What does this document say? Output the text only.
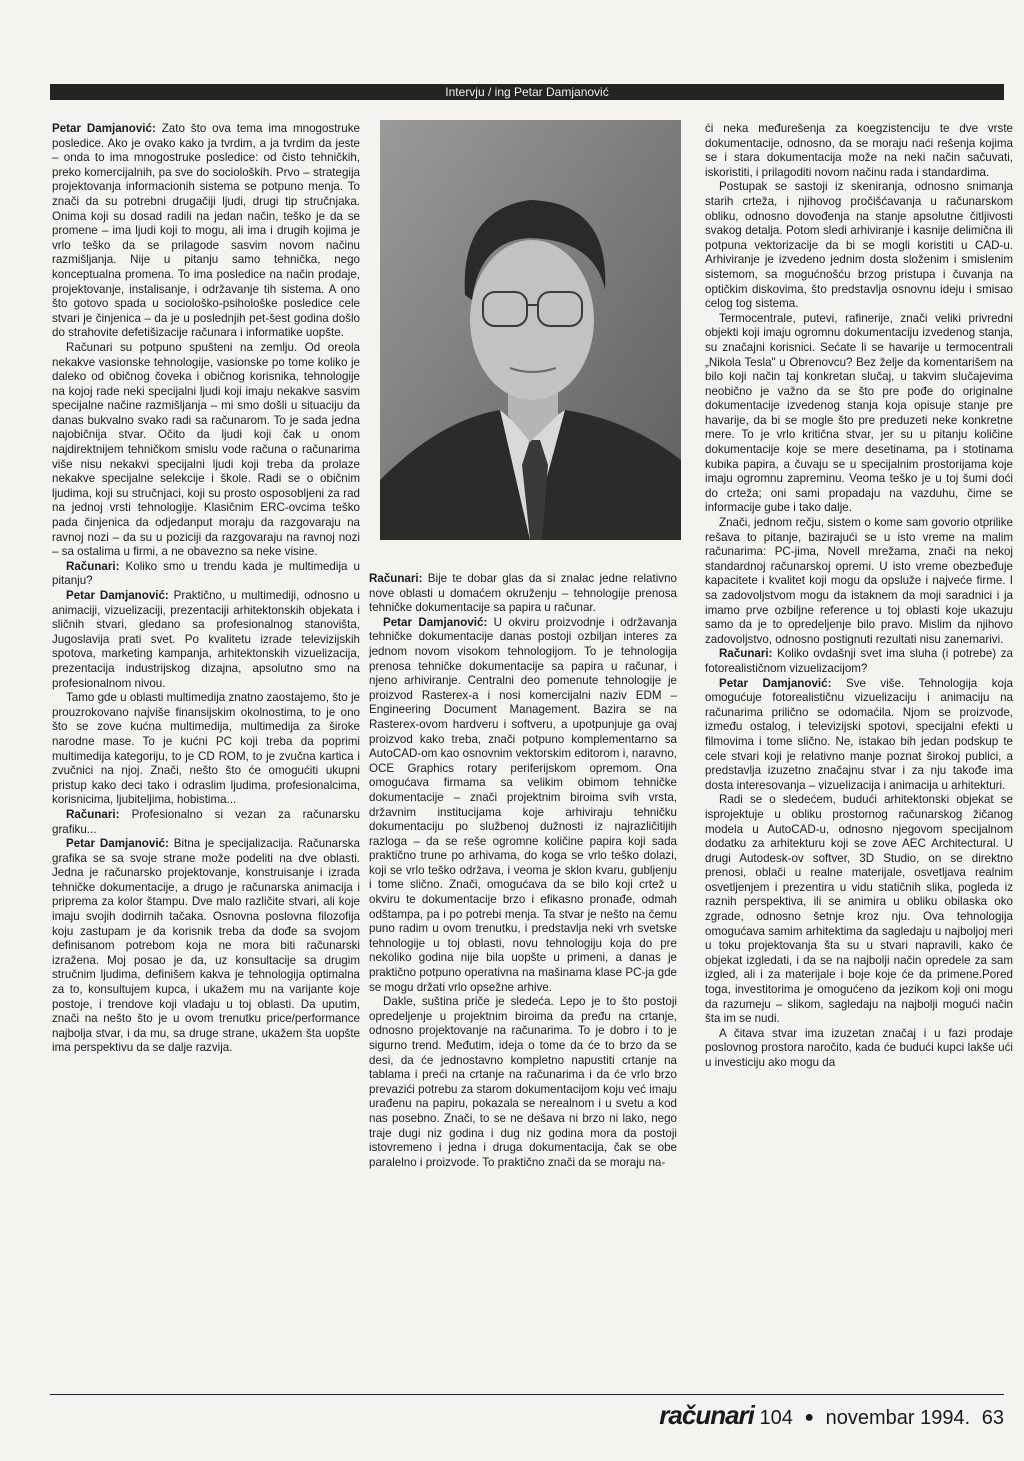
Intervju / ing Petar Damjanović

Petar Damjanović: Zato što ova tema ima mnogostruke posledice. Ako je ovako kako ja tvrdim, a ja tvrdim da jeste – onda to ima mnogostruke posledice: od čisto tehničkih, preko komercijalnih, pa sve do socioloških. Prvo – strategija projektovanja informacionih sistema se potpuno menja. To znači da su potrebni drugačiji ljudi, drugi tip stručnjaka. Onima koji su dosad radili na jedan način, teško je da se promene – ima ljudi koji to mogu, ali ima i drugih kojima je vrlo teško da se prilagode sasvim novom načinu razmišljanja. Nije u pitanju samo tehnička, nego konceptualna promena. To ima posledice na način prodaje, projektovanje, instalisanje, i održavanje tih sistema. A ono što gotovo spada u sociološko-psihološke posledice cele stvari je činjenica – da je u poslednjih pet-šest godina došlo do strahovite defetišizacije računara i informatike uopšte.

Računari su potpuno spušteni na zemlju. Od oreola nekakve vasionske tehnologije, vasionske po tome koliko je daleko od običnog čoveka i običnog korisnika, tehnologije na kojoj rade neki specijalni ljudi koji imaju nekakve sasvim specijalne načine razmišljanja – mi smo došli u situaciju da danas bukvalno svako radi sa računarom. To je sada jedna najobičnija stvar. Očito da ljudi koji čak u onom najdirektnijem tehničkom smislu vode računa o računarima više nisu nekakvi specijalni ljudi koji treba da prolaze nekakve specijalne selekcije i škole. Radi se o običnim ljudima, koji su stručnjaci, koji su prosto osposobljeni za rad na jednoj vrsti tehnologije. Klasičnim ERC-ovcima teško pada činjenica da odjedanput moraju da razgovaraju na ravnoj nozi – da su u poziciji da razgovaraju na ravnoj nozi – sa ostalima u firmi, a ne obavezno sa neke visine.

Računari: Koliko smo u trendu kada je multimedija u pitanju?

Petar Damjanović: Praktično, u multimediji, odnosno u animaciji, vizuelizaciji, prezentaciji arhitektonskih objekata i sličnih stvari, gledano sa profesionalnog stanovišta, Jugoslavija prati svet. Po kvalitetu izrade televizijskih spotova, marketing kampanja, arhitektonskih vizuelizacija, prezentacija industrijskog dizajna, apsolutno smo na profesionalnom nivou.

Tamo gde u oblasti multimedija znatno zaostajemo, što je prouzrokovano najviše finansijskim okolnostima, to je ono što se zove kućna multimedija, multimedija za široke narodne mase. To je kućni PC koji treba da poprimi multimedija kategoriju, to je CD ROM, to je zvučna kartica i zvučnici na njoj. Znači, nešto što će omogućiti ukupni pristup kako deci tako i odraslim ljudima, profesionalcima, korisnicima, ljubiteljima, hobistima...

Računari: Profesionalno si vezan za računarsku grafiku...

Petar Damjanović: Bitna je specijalizacija. Računarska grafika se sa svoje strane može podeliti na dve oblasti. Jedna je računarsko projektovanje, konstruisanje i izrada tehničke dokumentacije, a drugo je računarska animacija i priprema za kolor štampu. Dve malo različite stvari, ali koje imaju svojih dodirnih tačaka. Osnovna poslovna filozofija koju zastupam je da korisnik treba da dođe sa svojom definisanom potrebom koja ne mora biti računarski izražena. Moj posao je da, uz konsultacije sa drugim stručnim ljudima, definišem kakva je tehnologija optimalna za to, konsultujem kupca, i ukažem mu na varijante koje postoje, i trendove koji vladaju u toj oblasti. Da uputim, znači na nešto što je u ovom trenutku price/performance najbolja stvar, i da mu, sa druge strane, ukažem šta uopšte ima perspektivu da se dalje razvija.

Računari: Bije te dobar glas da si znalac jedne relativno nove oblasti u domaćem okruženju – tehnologije prenosa tehničke dokumentacije sa papira u računar.

Petar Damjanović: U okviru proizvodnje i održavanja tehničke dokumentacije danas postoji ozbiljan interes za jednom novom visokom tehnologijom. To je tehnologija prenosa tehničke dokumentacije sa papira u računar, i njeno arhiviranje. Centralni deo pomenute tehnologije je proizvod Rasterex-a i nosi komercijalni naziv EDM – Engineering Document Management. Bazira se na Rasterex-ovom hardveru i softveru, a upotpunjuje ga ovaj proizvod kako treba, znači potpuno komplementarno sa AutoCAD-om kao osnovnim vektorskim editorom i, naravno, OCE Graphics rotary periferijskom opremom. Ona omogućava firmama sa velikim obimom tehničke dokumentacije – znači projektnim biroima svih vrsta, državnim institucijama koje arhiviraju tehničku dokumentaciju po službenoj dužnosti iz najrazličitijih razloga – da se reše ogromne količine papira koji sada praktično trune po arhivama, do koga se vrlo teško dolazi, koji se vrlo teško održava, i veoma je sklon kvaru, gubljenju i tome slično. Znači, omogućava da se bilo koji crtež u okviru te dokumentacije brzo i efikasno pronađe, odmah odštampa, pa i po potrebi menja. Ta stvar je nešto na čemu puno radim u ovom trenutku, i predstavlja neki vrh svetske tehnologije u toj oblasti, novu tehnologiju koja do pre nekoliko godina nije bila uopšte u primeni, a danas je praktično potpuno operativna na mašinama klase PC-ja gde se mogu držati vrlo opsežne arhive.

Dakle, suština priče je sledeća. Lepo je to što postoji opredeljenje u projektnim biroima da pređu na crtanje, odnosno projektovanje na računarima. To je dobro i to je sigurno trend. Međutim, ideja o tome da će to brzo da se desi, da će jednostavno kompletno napustiti crtanje na tablama i preći na crtanje na računarima i da će vrlo brzo prevazići potrebu za starom dokumentacijom koju već imaju urađenu na papiru, pokazala se nerealnom i u svetu a kod nas posebno. Znači, to se ne dešava ni brzo ni lako, nego traje dugi niz godina i dug niz godina mora da postoji istovremeno i jedna i druga dokumentacija, čak se obe paralelno i proizvode. To praktično znači da se moraju na-

ći neka međurešenja za koegzistenciju te dve vrste dokumentacije, odnosno, da se moraju naći rešenja kojima se i stara dokumentacija može na neki način sačuvati, iskoristiti, i prilagoditi novom načinu rada i standardima.

Postupak se sastoji iz skeniranja, odnosno snimanja starih crteža, i njihovog pročišćavanja u računarskom obliku, odnosno dovođenja na stanje apsolutne čitljivosti svakog detalja. Potom sledi arhiviranje i kasnije delimična ili potpuna vektorizacije da bi se mogli koristiti u CAD-u. Arhiviranje je izvedeno jednim dosta složenim i smislenim sistemom, sa mogućnošću brzog pristupa i čuvanja na optičkim diskovima, što predstavlja osnovnu ideju i smisao celog tog sistema.

Termocentrale, putevi, rafinerije, znači veliki privredni objekti koji imaju ogromnu dokumentaciju izvedenog stanja, su značajni korisnici. Sećate li se havarije u termocentrali „Nikola Tesla" u Obrenovcu? Bez želje da komentarišem na bilo koji način taj konkretan slučaj, u takvim slučajevima neobično je važno da se što pre pođe do originalne dokumentacije izvedenog stanja koja opisuje stanje pre havarije, da bi se mogle što pre preduzeti neke konkretne mere. To je vrlo kritična stvar, jer su u pitanju količine dokumentacije koje se mere desetinama, pa i stotinama kubika papira, a čuvaju se u specijalnim prostorijama koje imaju ogromnu zapreminu. Veoma teško je u toj šumi doći do crteža; oni sami propadaju na vazduhu, čime se informacije gube i tako dalje.

Znači, jednom rečju, sistem o kome sam govorio otprilike rešava to pitanje, bazirajući se u isto vreme na malim računarima: PC-jima, Novell mrežama, znači na nekoj standardnoj računarskoj opremi. U isto vreme obezbeđuje kapacitete i kvalitet koji mogu da opslužе i najveće firme. I sa zadovoljstvom mogu da istaknem da moji saradnici i ja imamo prve ozbiljne reference u toj oblasti koje ukazuju samo da je to opredeljenje bilo pravo. Mislim da njihovo zadovoljstvo, odnosno postignuti rezultati nisu zanemarivi.

Računari: Koliko ovdašnji svet ima sluha (i potrebe) za fotorealističnom vizuelizacijom?

Petar Damjanović: Sve više. Tehnologija koja omogućuje fotorealističnu vizuelizaciju i animaciju na računarima prilično se odomaćila. Njom se proizvode, između ostalog, i televizijski spotovi, specijalni efekti u filmovima i tome slično. Ne, istakao bih jedan podskup te cele stvari koji je relativno manje poznat širokoj publici, a predstavlja izuzetno značajnu stvar i za nju takođe ima dosta interesovanja – vizuelizacija i animacija u arhitekturi.

Radi se o sledećem, budući arhitektonski objekat se isprojektuje u obliku prostornog računarskog žičanog modela u AutoCAD-u, odnosno njegovom specijalnom dodatku za arhitekturu koji se zove AEC Architectural. U drugi Autodesk-ov softver, 3D Studio, on se direktno prenosi, oblači u realne materijale, osvetljava realnim osvetljenjem i prezentira u vidu statičnih slika, pogleda iz raznih perspektiva, ili se animira u obliku obilaska oko zgrade, odnosno šetnje kroz nju. Ova tehnologija omogućava samim arhitektima da sagledaju u najboljoj meri u toku projektovanja šta su u stvari napravili, kako će objekat izgledati, i da se na najbolji način opredele za sam izgled, ali i za materijale i boje koje će da primene.Pored toga, investitorima je omogućeno da jezikom koji oni mogu da razumeju – slikom, sagledaju na najbolji mogući način šta im se nudi.

A čitava stvar ima izuzetan značaj i u fazi prodaje poslovnog prostora naročito, kada će budući kupci lakše ući u investiciju ako mogu da

računari 104 ● novembar 1994. 63
